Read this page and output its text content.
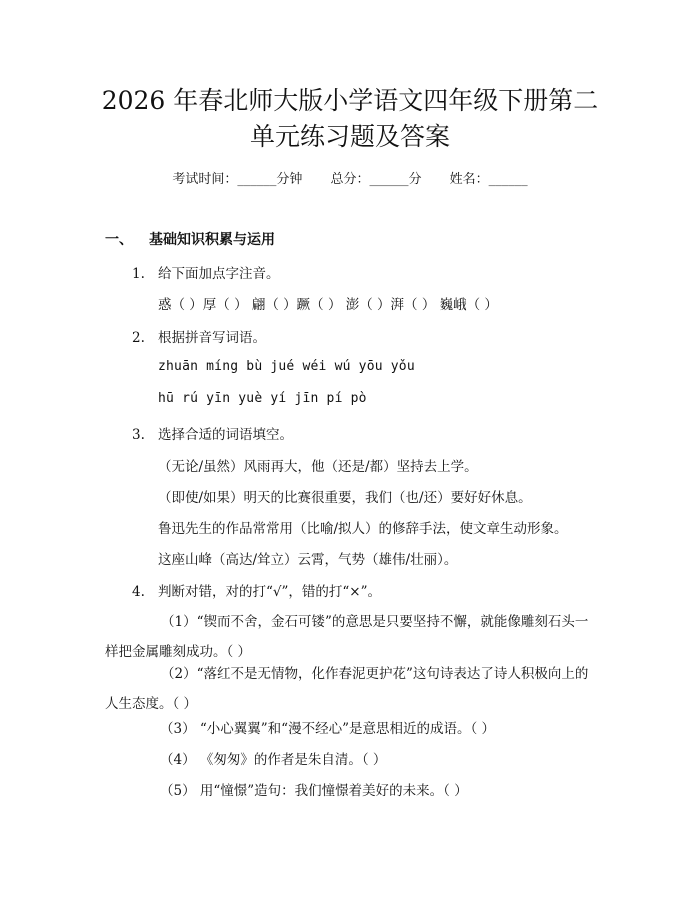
2026 年春北师大版小学语文四年级下册第二
单元练习题及答案
考试时间：______分钟 总分：______分 姓名：______
一、 基础知识积累与运用
1. 给下面加点字注音。
惑（ ）厚（ ） 翩（ ）蹶（ ） 澎（ ）湃（ ） 巍峨（ ）
2. 根据拼音写词语。
zhuān míng bù jué wéi wú yōu yǒu
hū rú yīn yuè yí jīn pí pò
3. 选择合适的词语填空。
（无论/虽然）风雨再大，他（还是/都）坚持去上学。
（即使/如果）明天的比赛很重要，我们（也/还）要好好休息。
鲁迅先生的作品常常用（比喻/拟人）的修辞手法，使文章生动形象。
这座山峰（高达/耸立）云霄，气势（雄伟/壮丽）。
4. 判断对错，对的打“√”，错的打“×”。
（1）“锲而不舍，金石可镂”的意思是只要坚持不懈，就能像雕刻石头一样把金属雕刻成功。（ ）
（2）“落红不是无情物，化作春泥更护花”这句诗表达了诗人积极向上的人生态度。（ ）
（3） “小心翼翼”和“漫不经心”是意思相近的成语。（ ）
（4） 《匆匆》的作者是朱自清。（ ）
（5） 用“憧憬”造句：我们憧憬着美好的未来。（ ）
